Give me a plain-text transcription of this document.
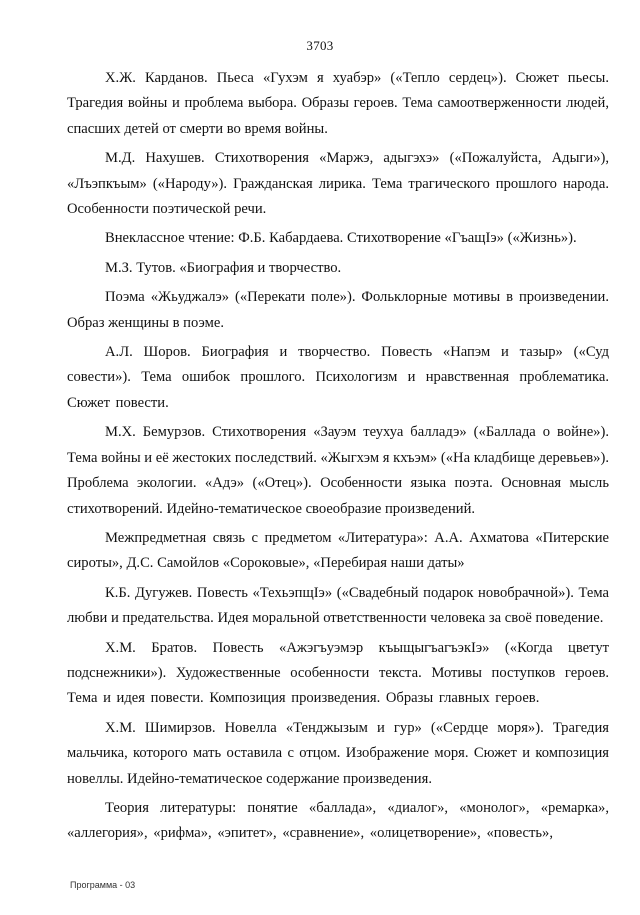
3703

Х.Ж. Карданов. Пьеса «Гухэм я хуабэр» («Тепло сердец»). Сюжет пьесы. Трагедия войны и проблема выбора. Образы героев. Тема самоотверженности людей, спасших детей от смерти во время войны.

М.Д. Нахушев. Стихотворения «Маржэ, адыгэхэ» («Пожалуйста, Адыги»), «Лъэпкъым» («Народу»). Гражданская лирика. Тема трагического прошлого народа. Особенности поэтической речи.

Внеклассное чтение: Ф.Б. Кабардаева. Стихотворение «ГъащІэ» («Жизнь»).

М.З. Тутов. «Биография и творчество.

Поэма «Жьуджалэ» («Перекати поле»). Фольклорные мотивы в произведении. Образ женщины в поэме.

А.Л. Шоров. Биография и творчество. Повесть «Напэм и тазыр» («Суд совести»). Тема ошибок прошлого. Психологизм и нравственная проблематика. Сюжет повести.

М.Х. Бемурзов. Стихотворения «Зауэм теухуа балладэ» («Баллада о войне»). Тема войны и её жестоких последствий. «Жыгхэм я кхъэм» («На кладбище деревьев»). Проблема экологии. «Адэ» («Отец»). Особенности языка поэта. Основная мысль стихотворений. Идейно-тематическое своеобразие произведений.

Межпредметная связь с предметом «Литература»: А.А. Ахматова «Питерские сироты», Д.С. Самойлов «Сороковые», «Перебирая наши даты»

К.Б. Дугужев. Повесть «ТехьэпщІэ» («Свадебный подарок новобрачной»). Тема любви и предательства. Идея моральной ответственности человека за своё поведение.

Х.М. Братов. Повесть «Ажэгъуэмэр къыщыгъагъэкІэ» («Когда цветут подснежники»). Художественные особенности текста. Мотивы поступков героев. Тема и идея повести. Композиция произведения. Образы главных героев.

Х.М. Шимирзов. Новелла «Тенджызым и гур» («Сердце моря»). Трагедия мальчика, которого мать оставила с отцом. Изображение моря. Сюжет и композиция новеллы. Идейно-тематическое содержание произведения.

Теория литературы: понятие «баллада», «диалог», «монолог», «ремарка», «аллегория», «рифма», «эпитет», «сравнение», «олицетворение», «повесть»,

Программа - 03
